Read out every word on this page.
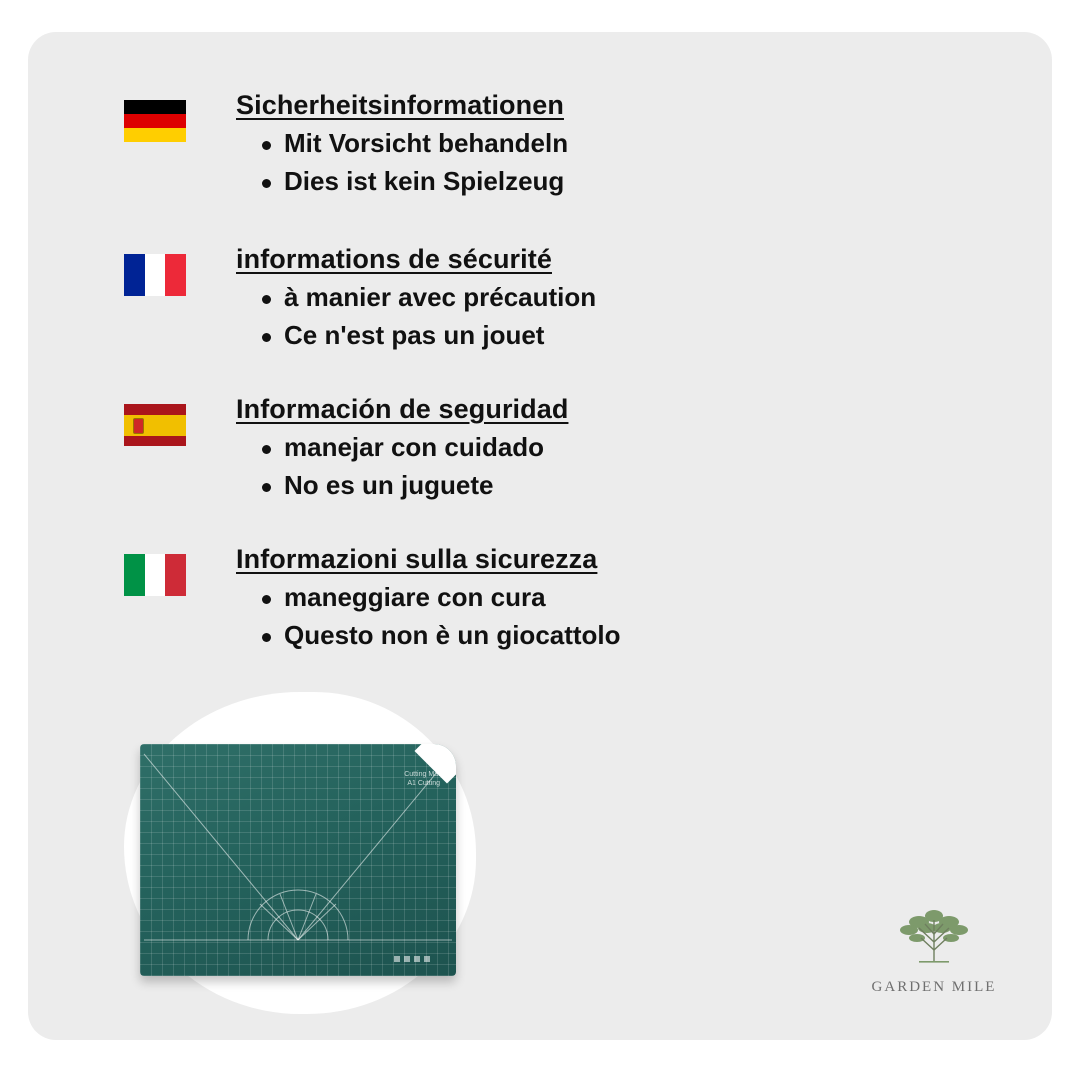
Sicherheitsinformationen
Mit Vorsicht behandeln
Dies ist kein Spielzeug
informations de sécurité
à manier avec précaution
Ce n'est pas un jouet
Información de seguridad
manejar con cuidado
No es un juguete
Informazioni sulla sicurezza
maneggiare con cura
Questo non è un giocattolo
Cutting Mat
A1 Cutting
GARDEN MILE
